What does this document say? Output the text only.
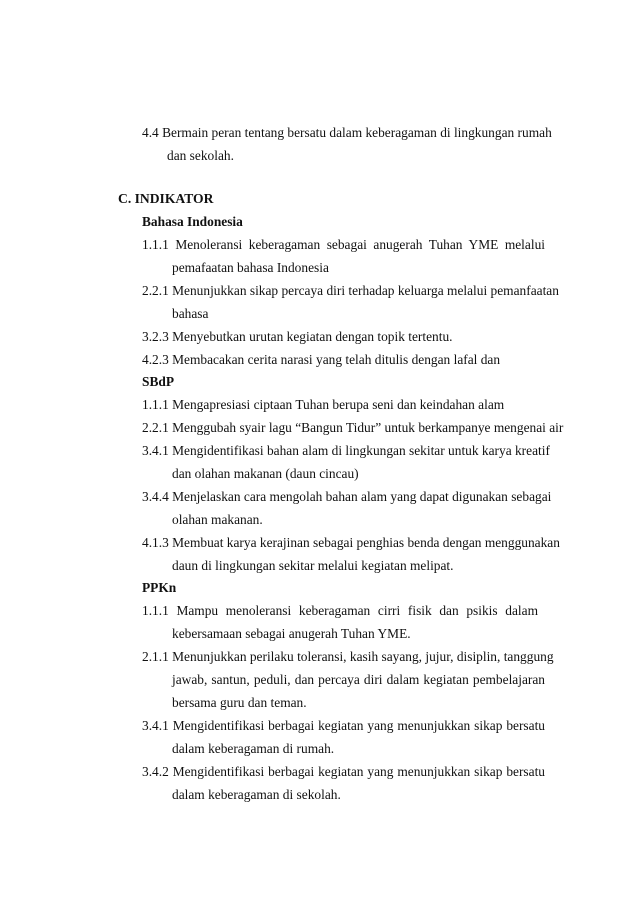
4.4 Bermain peran tentang bersatu dalam keberagaman di lingkungan rumah
dan sekolah.
C. INDIKATOR
Bahasa Indonesia
1.1.1 Menoleransi keberagaman sebagai anugerah Tuhan YME melalui
pemafaatan bahasa Indonesia
2.2.1 Menunjukkan sikap percaya diri terhadap keluarga melalui pemanfaatan
bahasa
3.2.3 Menyebutkan urutan kegiatan dengan topik tertentu.
4.2.3 Membacakan cerita narasi yang telah ditulis dengan lafal dan
SBdP
1.1.1 Mengapresiasi ciptaan Tuhan berupa seni dan keindahan alam
2.2.1 Menggubah syair lagu “Bangun Tidur” untuk berkampanye mengenai air
3.4.1 Mengidentifikasi bahan alam di lingkungan sekitar untuk karya kreatif
dan olahan makanan (daun cincau)
3.4.4 Menjelaskan cara mengolah bahan alam yang dapat digunakan sebagai
olahan makanan.
4.1.3 Membuat karya kerajinan sebagai penghias benda dengan menggunakan
daun di lingkungan sekitar melalui kegiatan melipat.
PPKn
1.1.1 Mampu menoleransi keberagaman cirri fisik dan psikis dalam
kebersamaan sebagai anugerah Tuhan YME.
2.1.1 Menunjukkan perilaku toleransi, kasih sayang, jujur, disiplin, tanggung
jawab, santun, peduli, dan percaya diri dalam kegiatan pembelajaran
bersama guru dan teman.
3.4.1 Mengidentifikasi berbagai kegiatan yang menunjukkan sikap bersatu
dalam keberagaman di rumah.
3.4.2 Mengidentifikasi berbagai kegiatan yang menunjukkan sikap bersatu
dalam keberagaman di sekolah.
